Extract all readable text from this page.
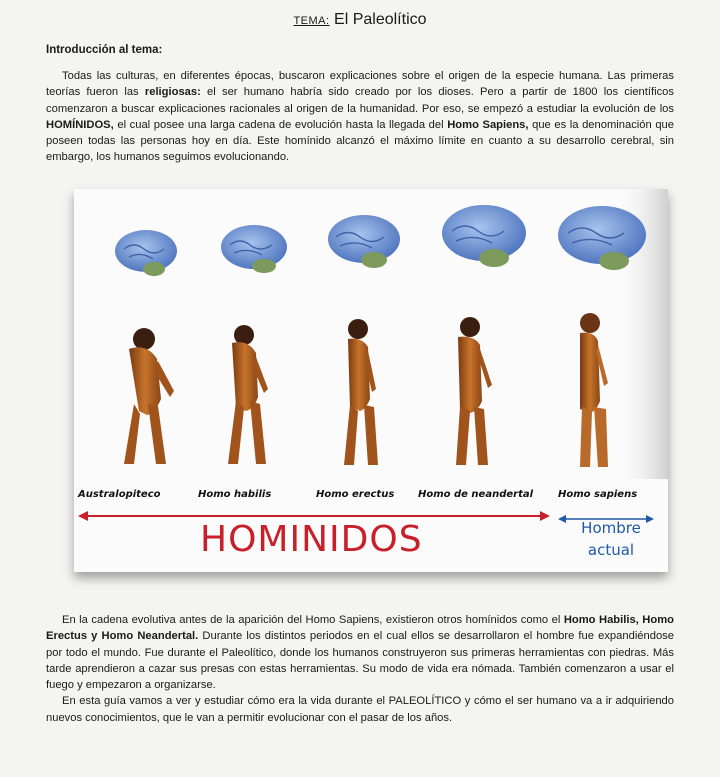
TEMA: El Paleolítico
Introducción al tema:

Todas las culturas, en diferentes épocas, buscaron explicaciones sobre el origen de la especie humana. Las primeras teorías fueron las religiosas: el ser humano habría sido creado por los dioses. Pero a partir de 1800 los científicos comenzaron a buscar explicaciones racionales al origen de la humanidad. Por eso, se empezó a estudiar la evolución de los HOMÍNIDOS, el cual posee una larga cadena de evolución hasta la llegada del Homo Sapiens, que es la denominación que poseen todas las personas hoy en día. Este homínido alcanzó el máximo límite en cuanto a su desarrollo cerebral, sin embargo, los humanos seguimos evolucionando.

Australopiteco	Homo habilis	Homo erectus Homo de neandertal Homo sapiens
HOMINIDOS	Hombre
actual

En la cadena evolutiva antes de la aparición del Homo Sapiens, existieron otros homínidos como el Homo Habilis, Homo Erectus y Homo Neandertal. Durante los distintos periodos en el cual ellos se desarrollaron el hombre fue expandiéndose por todo el mundo. Fue durante el Paleolítico, donde los humanos construyeron sus primeras herramientas con piedras. Más tarde aprendieron a cazar sus presas con estas herramientas. Su modo de vida era nómada. También comenzaron a usar el fuego y empezaron a organizarse.

En esta guía vamos a ver y estudiar cómo era la vida durante el PALEOLÍTICO y cómo el ser humano va a ir adquiriendo nuevos conocimientos, que le van a permitir evolucionar con el pasar de los años.
